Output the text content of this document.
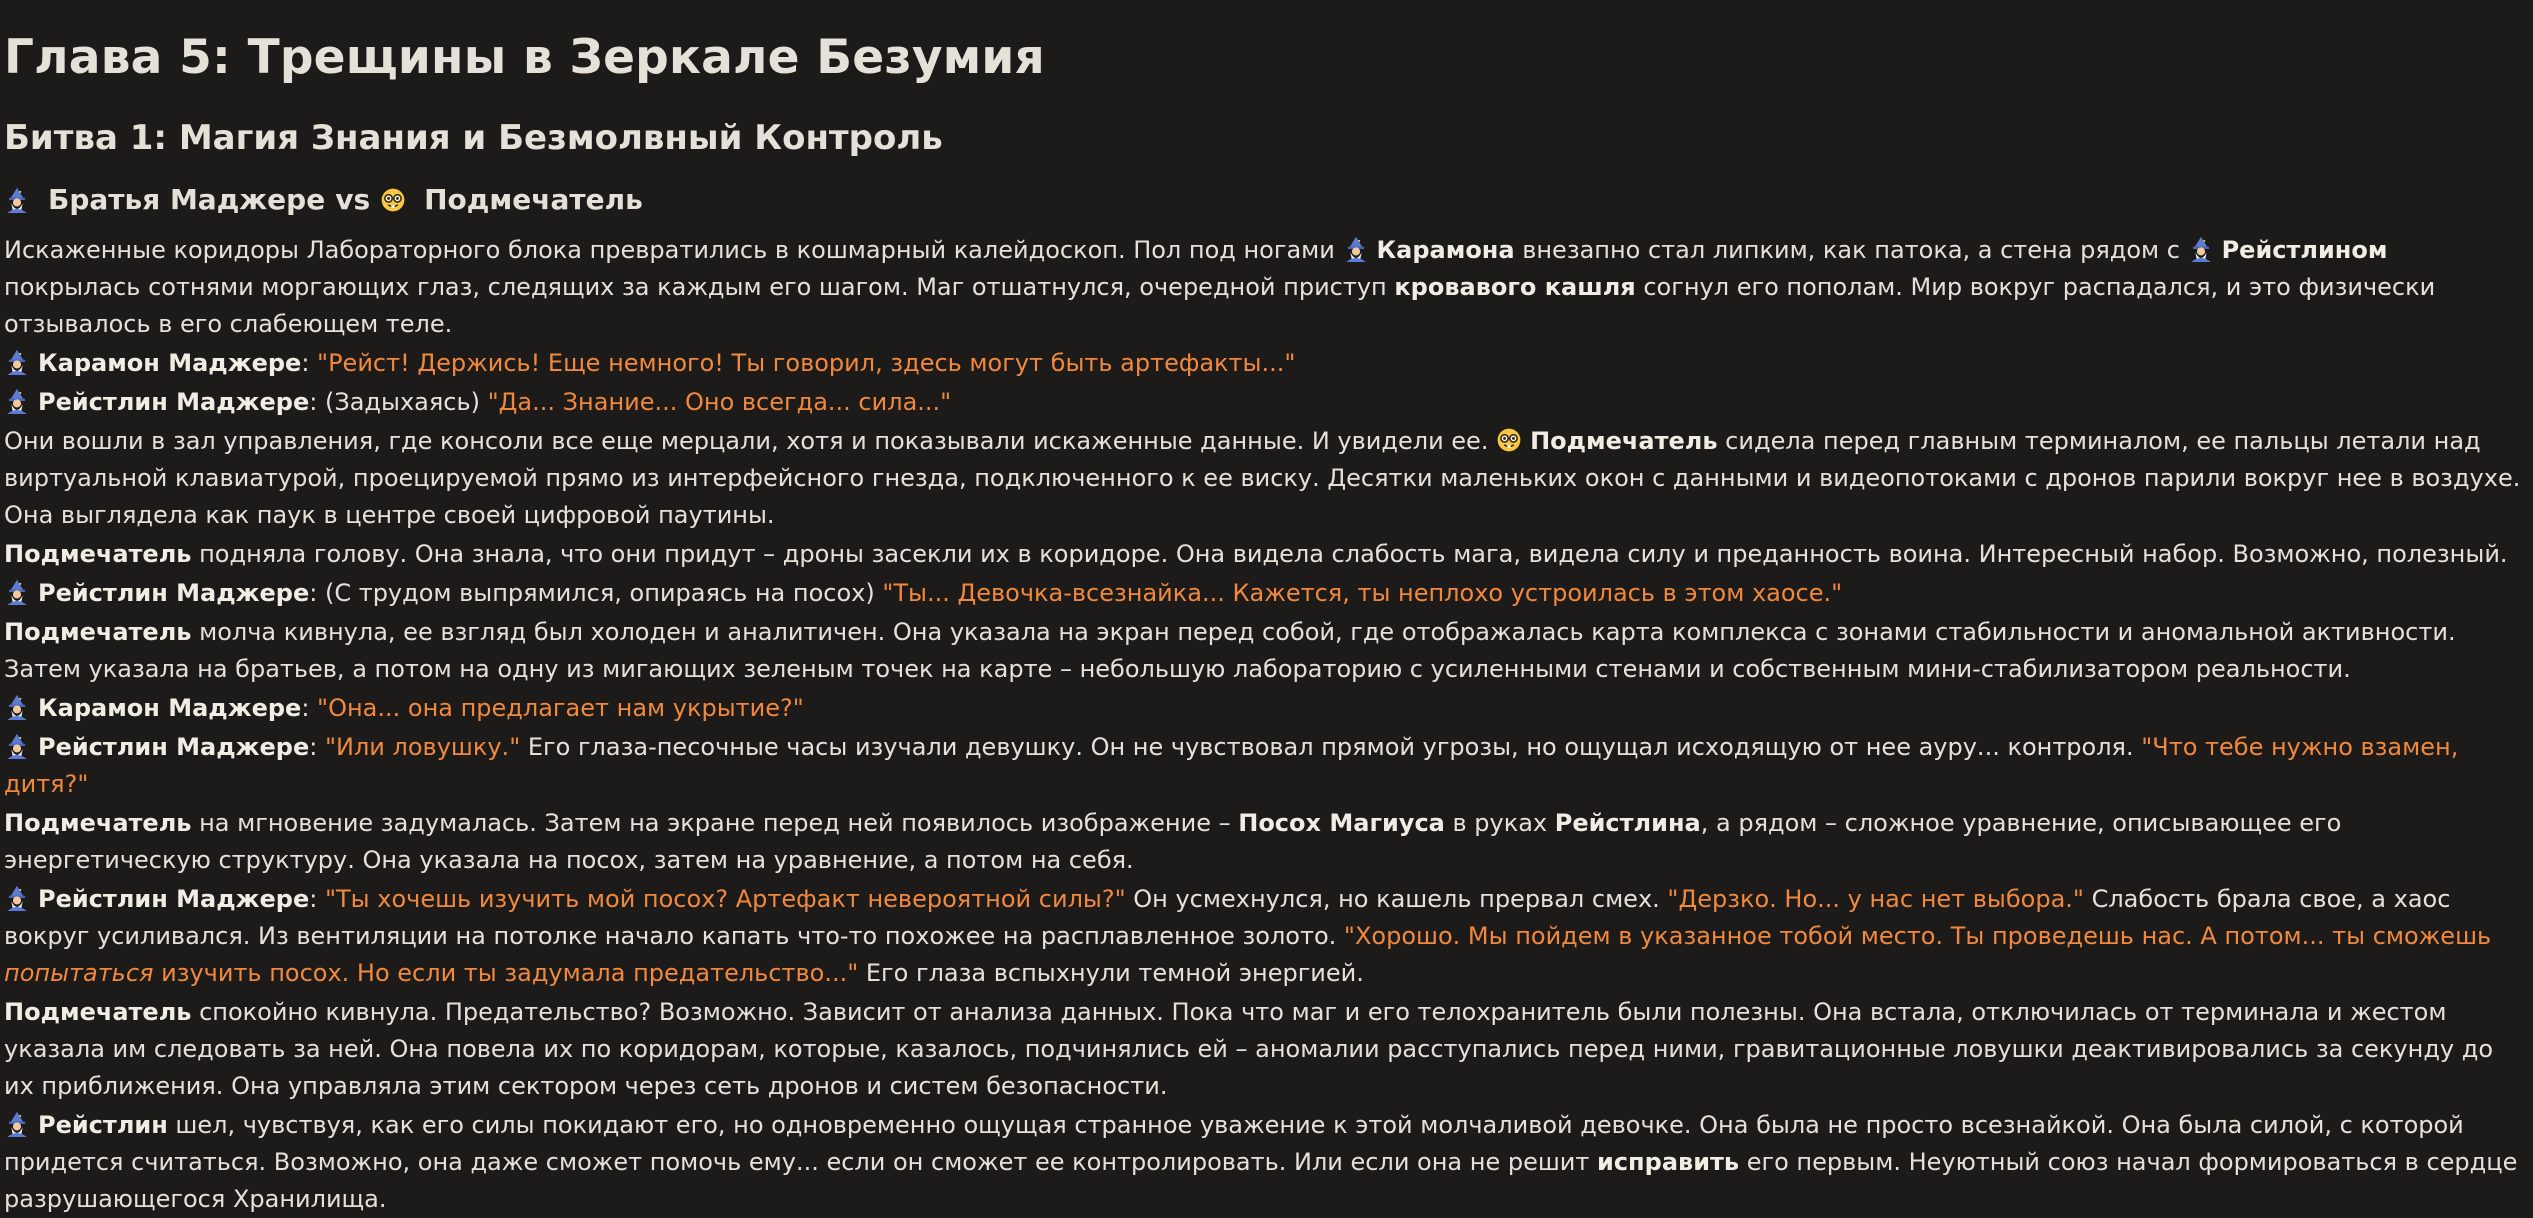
Глава 5: Трещины в Зеркале Безумия
Битва 1: Магия Знания и Безмолвный Контроль
Братья Маджере vs Подмечатель

Искаженные коридоры Лабораторного блока превратились в кошмарный калейдоскоп. Пол под ногами Карамона внезапно стал липким, как патока, а стена рядом с Рейстлином покрылась сотнями моргающих глаз, следящих за каждым его шагом. Маг отшатнулся, очередной приступ кровавого кашля согнул его пополам. Мир вокруг распадался, и это физически отзывалось в его слабеющем теле.

Карамон Маджере: "Рейст! Держись! Еще немного! Ты говорил, здесь могут быть артефакты..."

Рейстлин Маджере: (Задыхаясь) "Да... Знание... Оно всегда... сила..."

Они вошли в зал управления, где консоли все еще мерцали, хотя и показывали искаженные данные. И увидели ее. Подмечатель сидела перед главным терминалом, ее пальцы летали над виртуальной клавиатурой, проецируемой прямо из интерфейсного гнезда, подключенного к ее виску. Десятки маленьких окон с данными и видеопотоками с дронов парили вокруг нее в воздухе. Она выглядела как паук в центре своей цифровой паутины.

Подмечатель подняла голову. Она знала, что они придут – дроны засекли их в коридоре. Она видела слабость мага, видела силу и преданность воина. Интересный набор. Возможно, полезный.

Рейстлин Маджере: (С трудом выпрямился, опираясь на посох) "Ты... Девочка-всезнайка... Кажется, ты неплохо устроилась в этом хаосе."

Подмечатель молча кивнула, ее взгляд был холоден и аналитичен. Она указала на экран перед собой, где отображалась карта комплекса с зонами стабильности и аномальной активности. Затем указала на братьев, а потом на одну из мигающих зеленым точек на карте – небольшую лабораторию с усиленными стенами и собственным мини-стабилизатором реальности.

Карамон Маджере: "Она... она предлагает нам укрытие?"

Рейстлин Маджере: "Или ловушку." Его глаза-песочные часы изучали девушку. Он не чувствовал прямой угрозы, но ощущал исходящую от нее ауру... контроля. "Что тебе нужно взамен, дитя?"

Подмечатель на мгновение задумалась. Затем на экране перед ней появилось изображение – Посох Магиуса в руках Рейстлина, а рядом – сложное уравнение, описывающее его энергетическую структуру. Она указала на посох, затем на уравнение, а потом на себя.

Рейстлин Маджере: "Ты хочешь изучить мой посох? Артефакт невероятной силы?" Он усмехнулся, но кашель прервал смех. "Дерзко. Но... у нас нет выбора." Слабость брала свое, а хаос вокруг усиливался. Из вентиляции на потолке начало капать что-то похожее на расплавленное золото. "Хорошо. Мы пойдем в указанное тобой место. Ты проведешь нас. А потом... ты сможешь попытаться изучить посох. Но если ты задумала предательство..." Его глаза вспыхнули темной энергией.

Подмечатель спокойно кивнула. Предательство? Возможно. Зависит от анализа данных. Пока что маг и его телохранитель были полезны. Она встала, отключилась от терминала и жестом указала им следовать за ней. Она повела их по коридорам, которые, казалось, подчинялись ей – аномалии расступались перед ними, гравитационные ловушки деактивировались за секунду до их приближения. Она управляла этим сектором через сеть дронов и систем безопасности.

Рейстлин шел, чувствуя, как его силы покидают его, но одновременно ощущая странное уважение к этой молчаливой девочке. Она была не просто всезнайкой. Она была силой, с которой придется считаться. Возможно, она даже сможет помочь ему... если он сможет ее контролировать. Или если она не решит исправить его первым. Неуютный союз начал формироваться в сердце разрушающегося Хранилища.
